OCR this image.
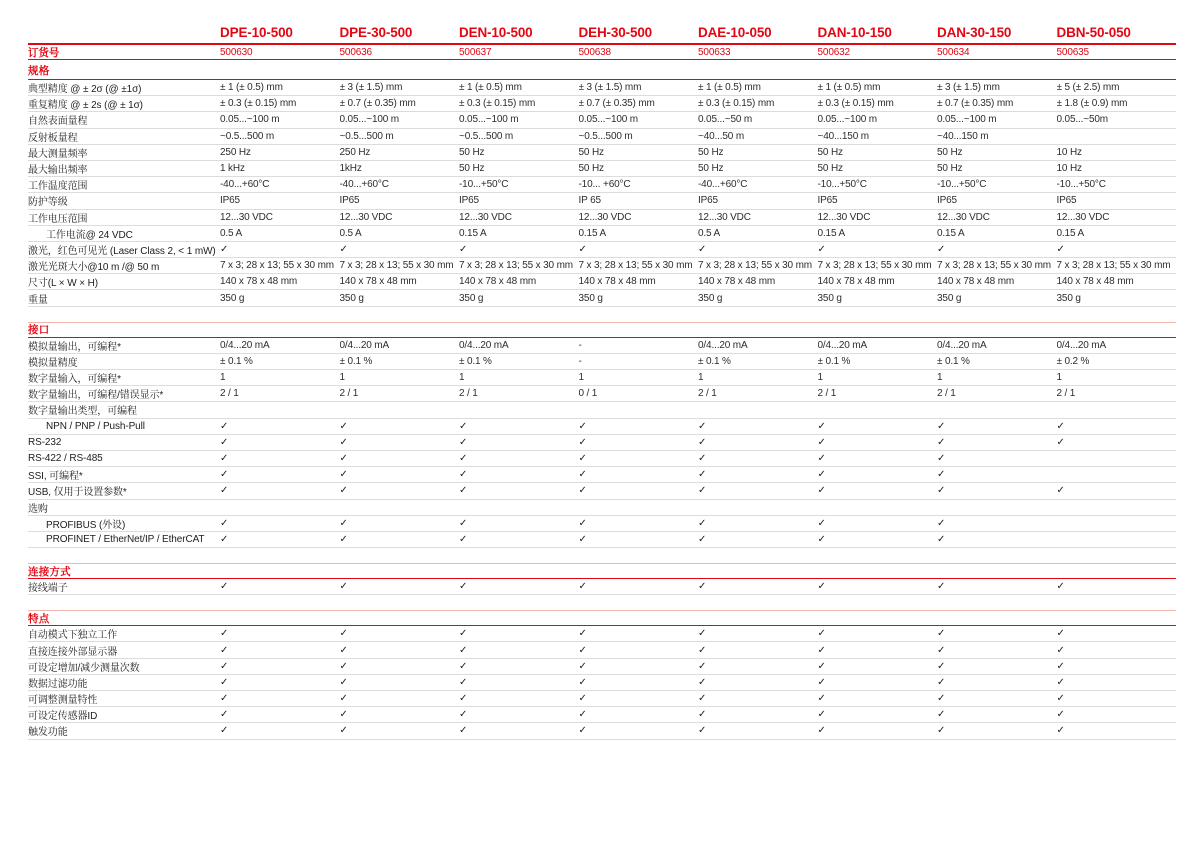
DPE-10-500	DPE-30-500	DEN-10-500	DEH-30-500	DAE-10-050	DAN-10-150	DAN-30-150	DBN-50-050
订货号	500630	500636	500637	500638	500633	500632	500634	500635
规格
典型精度 @ ± 2σ (@ ±1σ)	± 1 (± 0.5) mm	± 3 (± 1.5) mm	± 1 (± 0.5) mm	± 3 (± 1.5) mm	± 1 (± 0.5) mm	± 1 (± 0.5) mm	± 3 (± 1.5) mm	± 5 (± 2.5) mm
重复精度 @ ± 2s (@ ± 1σ)	± 0.3 (± 0.15) mm	± 0.7 (± 0.35) mm	± 0.3 (± 0.15) mm	± 0.7 (± 0.35) mm	± 0.3 (± 0.15) mm	± 0.3 (± 0.15) mm	± 0.7 (± 0.35) mm	± 1.8 (± 0.9) mm
自然表面量程	0.05...~100 m	0.05...~100 m	0.05...~100 m	0.05...~100 m	0.05...~50 m	0.05...~100 m	0.05...~100 m	0.05...~50m
反射板量程	~0.5...500 m	~0.5...500 m	~0.5...500 m	~0.5...500 m	~40...50 m	~40...150 m	~40...150 m
最大测量频率	250 Hz	250 Hz	50 Hz	50 Hz	50 Hz	50 Hz	50 Hz	10 Hz
最大输出频率	1 kHz	1kHz	50 Hz	50 Hz	50 Hz	50 Hz	50 Hz	10 Hz
工作温度范围	-40...+60°C	-40...+60°C	-10...+50°C	-10... +60°C	-40...+60°C	-10...+50°C	-10...+50°C	-10...+50°C
防护等级	IP65	IP65	IP65	IP 65	IP65	IP65	IP65	IP65
工作电压范围	12...30 VDC	12...30 VDC	12...30 VDC	12...30 VDC	12...30 VDC	12...30 VDC	12...30 VDC	12...30 VDC
工作电流@ 24 VDC	0.5 A	0.5 A	0.15 A	0.15 A	0.5 A	0.15 A	0.15 A	0.15 A
激光，红色可见光 (Laser Class 2, < 1 mW) ✓	✓	✓	✓	✓	✓	✓	✓
激光光斑大小@10 m /@ 50 m	7 x 3; 28 x 13; 55 x 30 mm 7 x 3; 28 x 13; 55 x 30 mm 7 x 3; 28 x 13; 55 x 30 mm 7 x 3; 28 x 13; 55 x 30 mm 7 x 3; 28 x 13; 55 x 30 mm 7 x 3; 28 x 13; 55 x 30 mm 7 x 3; 28 x 13; 55 x 30 mm 7 x 3; 28 x 13; 55 x 30 mm
尺寸(L × W × H)	140 x 78 x 48 mm	140 x 78 x 48 mm	140 x 78 x 48 mm	140 x 78 x 48 mm	140 x 78 x 48 mm	140 x 78 x 48 mm	140 x 78 x 48 mm	140 x 78 x 48 mm
重量	350 g	350 g	350 g	350 g	350 g	350 g	350 g	350 g
接口
模拟量输出，可编程*	0/4...20 mA	0/4...20 mA	0/4...20 mA	-	0/4...20 mA	0/4...20 mA	0/4...20 mA	0/4...20 mA
模拟量精度	± 0.1 %	± 0.1 %	± 0.1 %	-	± 0.1 %	± 0.1 %	± 0.1 %	± 0.2 %
数字量输入，可编程*	1	1	1	1	1	1	1	1
数字量输出，可编程/错误显示*	2 / 1	2 / 1	2 / 1	0 / 1	2 / 1	2 / 1	2 / 1	2 / 1
数字量输出类型，可编程
NPN / PNP / Push-Pull	✓	✓	✓	✓	✓	✓	✓	✓
RS-232	✓	✓	✓	✓	✓	✓	✓	✓
RS-422 / RS-485	✓	✓	✓	✓	✓	✓	✓
SSI, 可编程*	✓	✓	✓	✓	✓	✓	✓
USB, 仅用于设置参数*	✓	✓	✓	✓	✓	✓	✓	✓
选购
PROFIBUS (外设)	✓	✓	✓	✓	✓	✓	✓
PROFINET / EtherNet/IP / EtherCAT	✓	✓	✓	✓	✓	✓	✓
连接方式
接线端子	✓	✓	✓	✓	✓	✓	✓	✓
特点
自动模式下独立工作	✓	✓	✓	✓	✓	✓	✓	✓
直接连接外部显示器	✓	✓	✓	✓	✓	✓	✓	✓
可设定增加/减少测量次数	✓	✓	✓	✓	✓	✓	✓	✓
数据过滤功能	✓	✓	✓	✓	✓	✓	✓	✓
可调整测量特性	✓	✓	✓	✓	✓	✓	✓	✓
可设定传感器ID	✓	✓	✓	✓	✓	✓	✓	✓
触发功能	✓	✓	✓	✓	✓	✓	✓	✓
